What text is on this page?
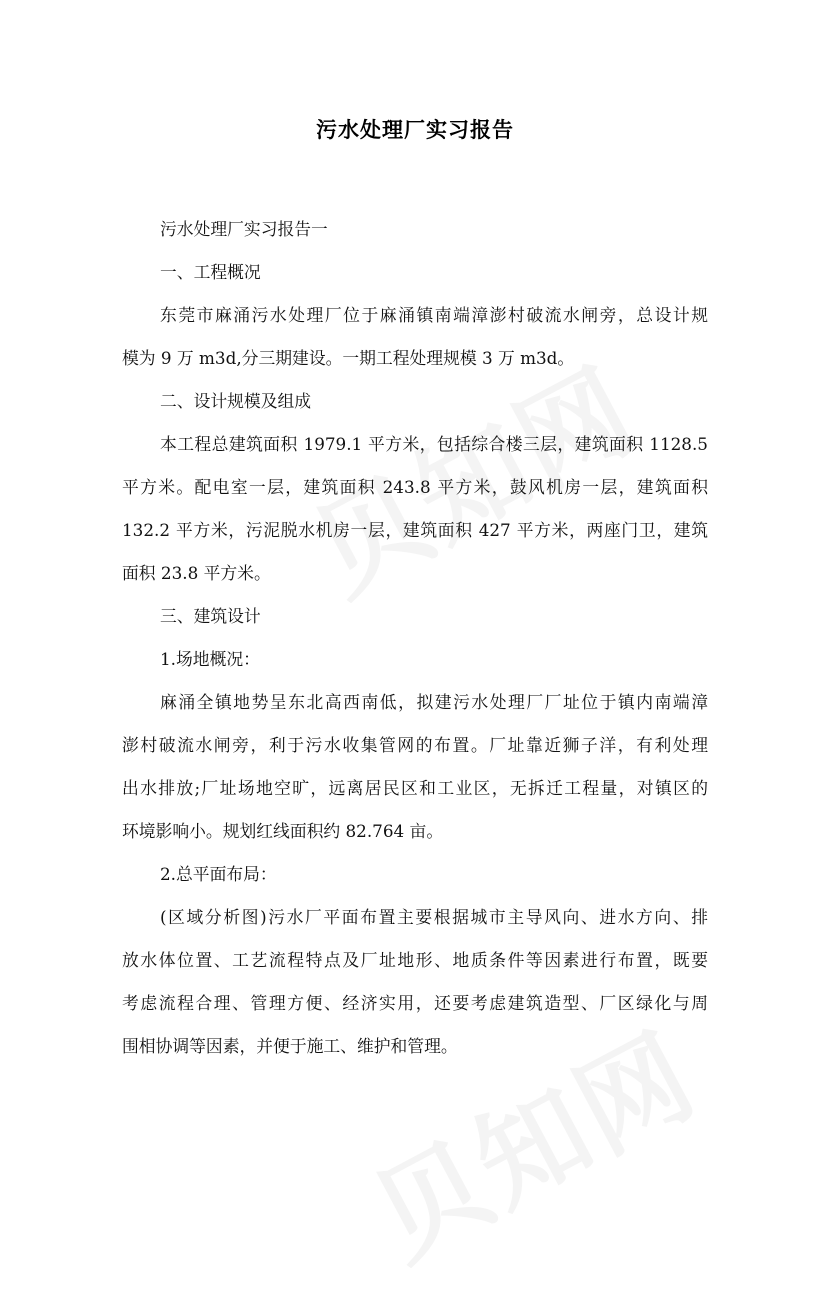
污水处理厂实习报告
污水处理厂实习报告一
一、工程概况
东莞市麻涌污水处理厂位于麻涌镇南端漳澎村破流水闸旁，总设计规
模为 9 万 m3d,分三期建设。一期工程处理规模 3 万 m3d。
二、设计规模及组成
本工程总建筑面积 1979.1 平方米，包括综合楼三层，建筑面积 1128.5
平方米。配电室一层，建筑面积 243.8 平方米，鼓风机房一层，建筑面积
132.2 平方米，污泥脱水机房一层，建筑面积 427 平方米，两座门卫，建筑
面积 23.8 平方米。
三、建筑设计
1.场地概况：
麻涌全镇地势呈东北高西南低，拟建污水处理厂厂址位于镇内南端漳
澎村破流水闸旁，利于污水收集管网的布置。厂址靠近狮子洋，有利处理
出水排放;厂址场地空旷，远离居民区和工业区，无拆迁工程量，对镇区的
环境影响小。规划红线面积约 82.764 亩。
2.总平面布局：
(区域分析图)污水厂平面布置主要根据城市主导风向、进水方向、排
放水体位置、工艺流程特点及厂址地形、地质条件等因素进行布置，既要
考虑流程合理、管理方便、经济实用，还要考虑建筑造型、厂区绿化与周
围相协调等因素，并便于施工、维护和管理。
